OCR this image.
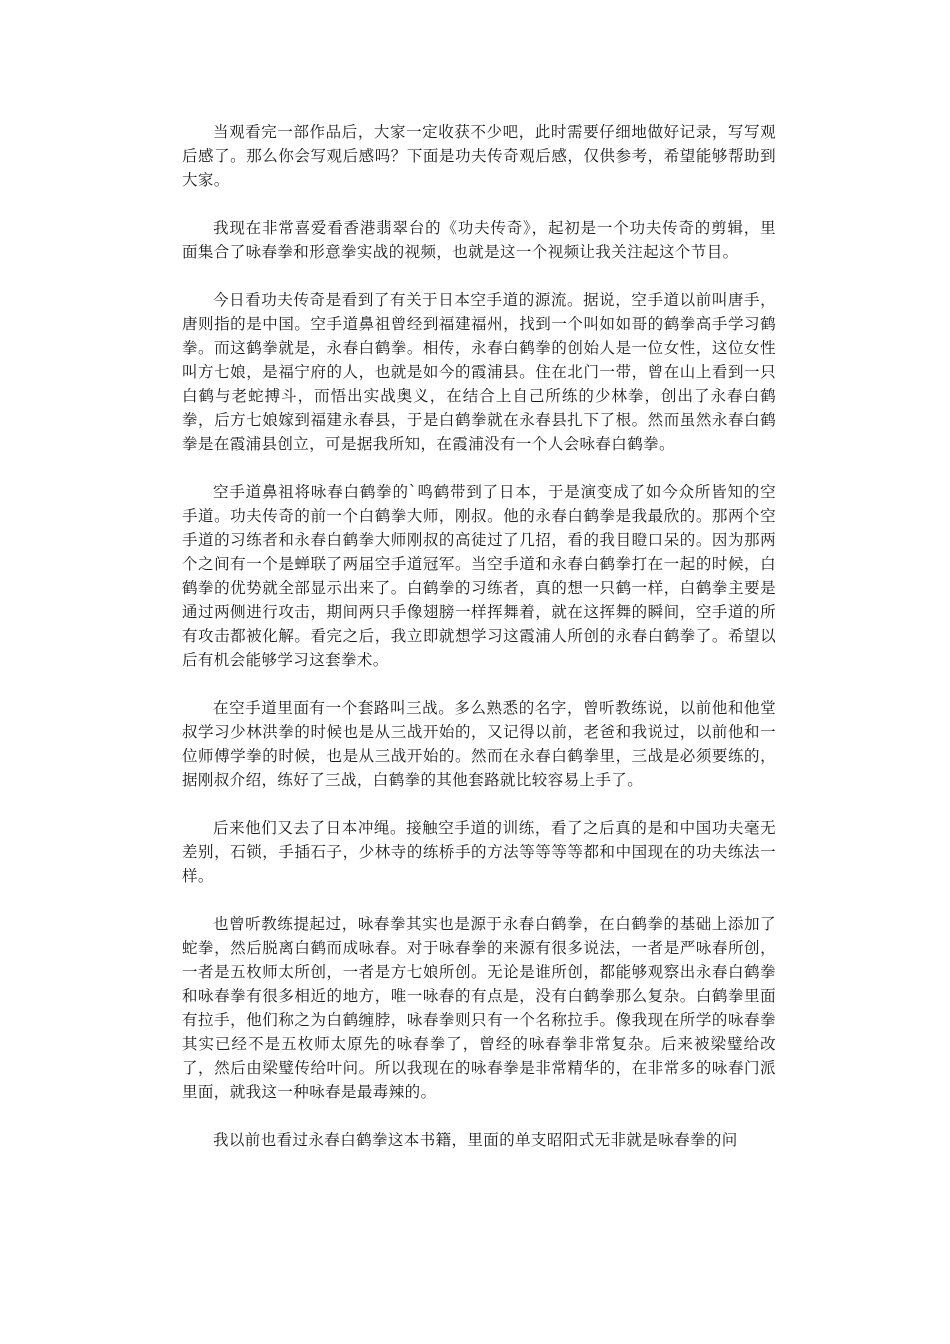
当观看完一部作品后，大家一定收获不少吧，此时需要仔细地做好记录，写写观后感了。那么你会写观后感吗？下面是功夫传奇观后感，仅供参考，希望能够帮助到大家。

我现在非常喜爱看香港翡翠台的《功夫传奇》，起初是一个功夫传奇的剪辑，里面集合了咏春拳和形意拳实战的视频，也就是这一个视频让我关注起这个节目。

今日看功夫传奇是看到了有关于日本空手道的源流。据说，空手道以前叫唐手，唐则指的是中国。空手道鼻祖曾经到福建福州，找到一个叫如如哥的鹤拳高手学习鹤拳。而这鹤拳就是，永春白鹤拳。相传，永春白鹤拳的创始人是一位女性，这位女性叫方七娘，是福宁府的人，也就是如今的霞浦县。住在北门一带，曾在山上看到一只白鹤与老蛇搏斗，而悟出实战奥义，在结合上自己所练的少林拳，创出了永春白鹤拳，后方七娘嫁到福建永春县，于是白鹤拳就在永春县扎下了根。然而虽然永春白鹤拳是在霞浦县创立，可是据我所知，在霞浦没有一个人会咏春白鹤拳。

空手道鼻祖将咏春白鹤拳的`鸣鹤带到了日本，于是演变成了如今众所皆知的空手道。功夫传奇的前一个白鹤拳大师，刚叔。他的永春白鹤拳是我最欣的。那两个空手道的习练者和永春白鹤拳大师刚叔的高徒过了几招，看的我目瞪口呆的。因为那两个之间有一个是蝉联了两届空手道冠军。当空手道和永春白鹤拳打在一起的时候，白鹤拳的优势就全部显示出来了。白鹤拳的习练者，真的想一只鹤一样，白鹤拳主要是通过两侧进行攻击，期间两只手像翅膀一样挥舞着，就在这挥舞的瞬间，空手道的所有攻击都被化解。看完之后，我立即就想学习这霞浦人所创的永春白鹤拳了。希望以后有机会能够学习这套拳术。

在空手道里面有一个套路叫三战。多么熟悉的名字，曾听教练说，以前他和他堂叔学习少林洪拳的时候也是从三战开始的，又记得以前，老爸和我说过，以前他和一位师傅学拳的时候，也是从三战开始的。然而在永春白鹤拳里，三战是必须要练的，据刚叔介绍，练好了三战，白鹤拳的其他套路就比较容易上手了。

后来他们又去了日本冲绳。接触空手道的训练，看了之后真的是和中国功夫毫无差别，石锁，手插石子，少林寺的练桥手的方法等等等等都和中国现在的功夫练法一样。

也曾听教练提起过，咏春拳其实也是源于永春白鹤拳，在白鹤拳的基础上添加了蛇拳，然后脱离白鹤而成咏春。对于咏春拳的来源有很多说法，一者是严咏春所创，一者是五枚师太所创，一者是方七娘所创。无论是谁所创，都能够观察出永春白鹤拳和咏春拳有很多相近的地方，唯一咏春的有点是，没有白鹤拳那么复杂。白鹤拳里面有拉手，他们称之为白鹤缠脖，咏春拳则只有一个名称拉手。像我现在所学的咏春拳其实已经不是五枚师太原先的咏春拳了，曾经的咏春拳非常复杂。后来被梁璧给改了，然后由梁璧传给叶问。所以我现在的咏春拳是非常精华的，在非常多的咏春门派里面，就我这一种咏春是最毒辣的。

我以前也看过永春白鹤拳这本书籍，里面的单支昭阳式无非就是咏春拳的问
